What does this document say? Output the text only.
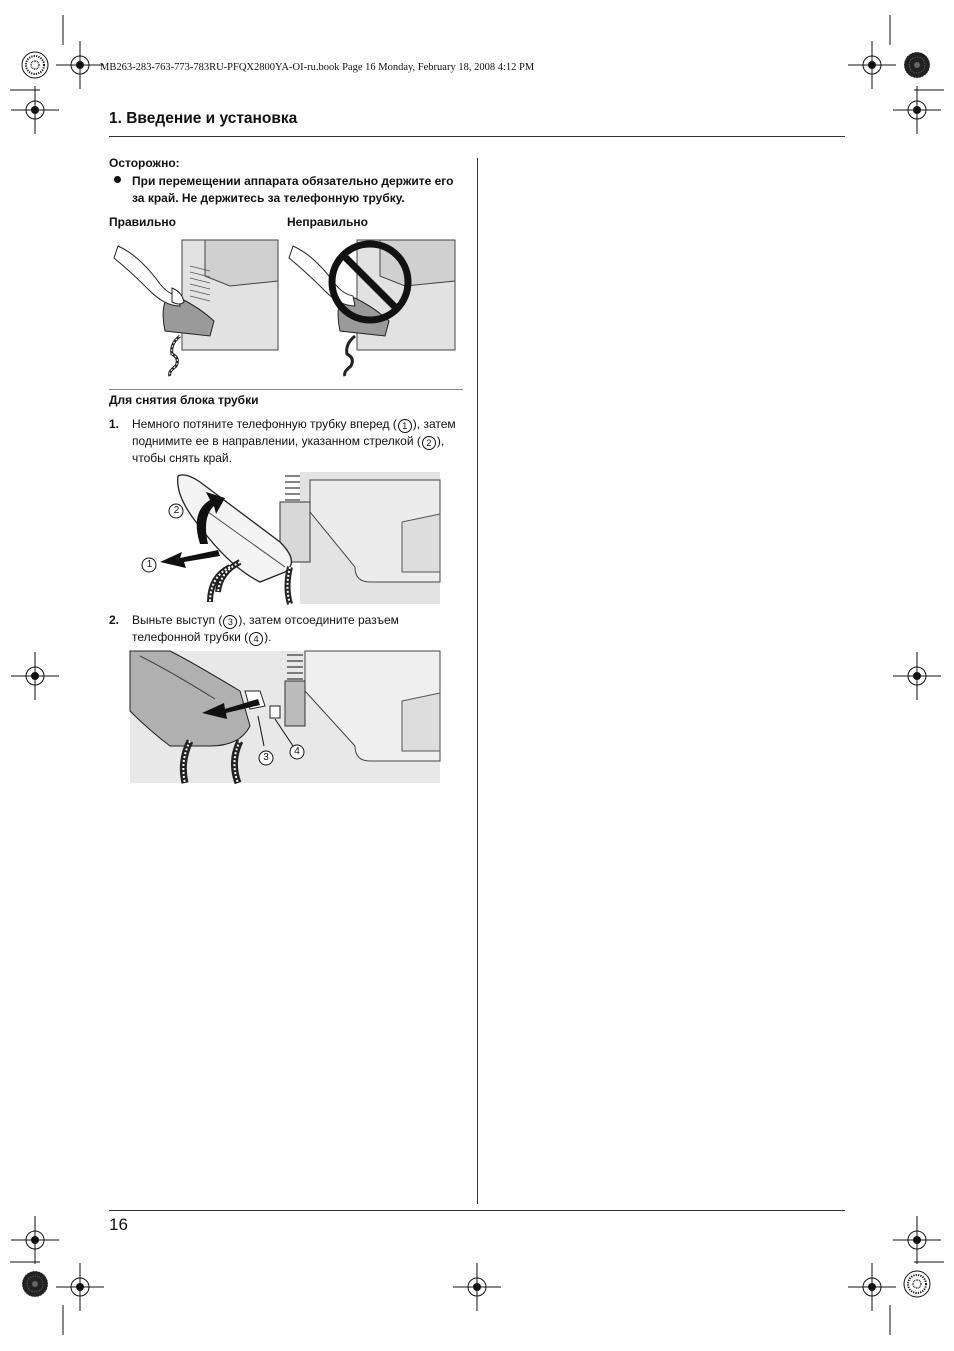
MB263-283-763-773-783RU-PFQX2800YA-OI-ru.book Page 16 Monday, February 18, 2008 4:12 PM
1. Введение и установка
Осторожно:
При перемещении аппарата обязательно держите его за край. Не держитесь за телефонную трубку.
Правильно	Неправильно
Для снятия блока трубки
1. Немного потяните телефонную трубку вперед ( 1 ), затем поднимите ее в направлении, указанном стрелкой ( 2 ), чтобы снять край.
2
1
2. Выньте выступ ( 3 ), затем отсоедините разъем телефонной трубки ( 4 ).
3
4
16
